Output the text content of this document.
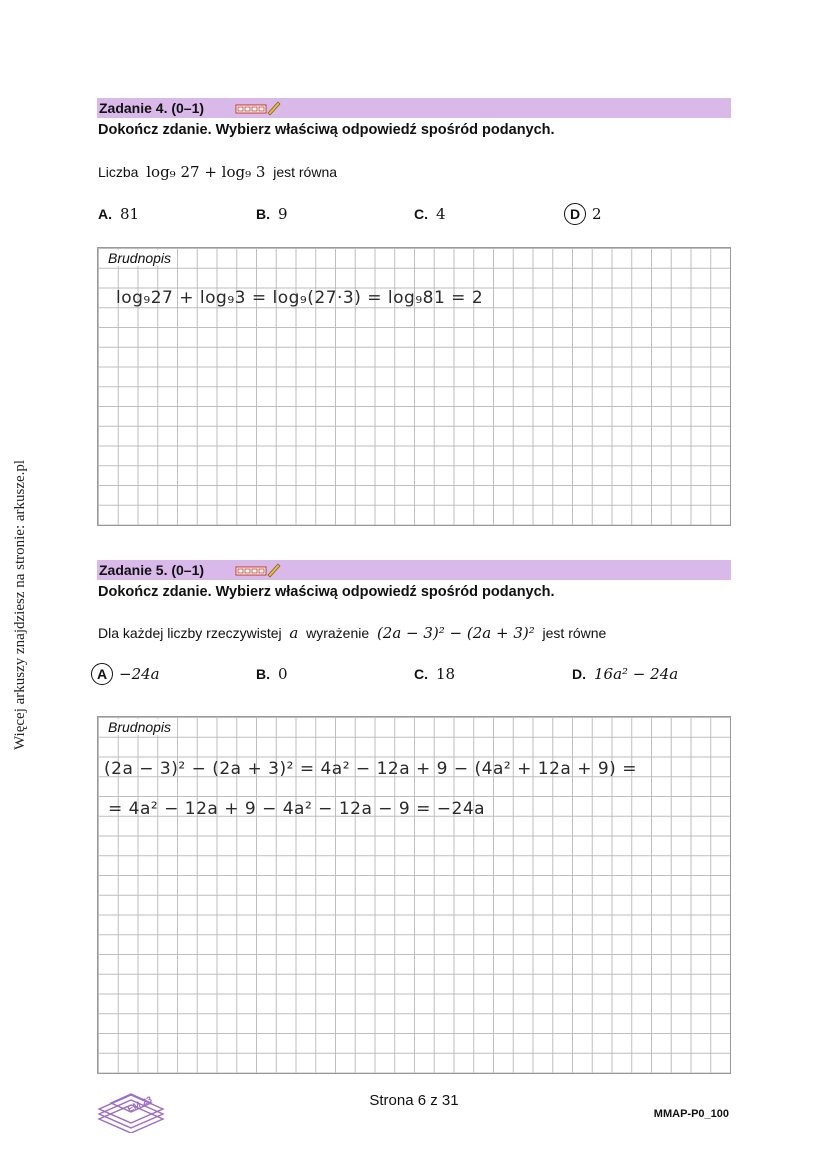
Więcej arkuszy znajdziesz na stronie: arkusze.pl
Zadanie 4. (0–1)
Dokończ zdanie. Wybierz właściwą odpowiedź spośród podanych.
Liczba log₉ 27 + log₉ 3 jest równa
A. 81	B. 9	C. 4	D 2
Brudnopis
log₉27 + log₉3 = log₉(27·3) = log₉81 = 2
Zadanie 5. (0–1)
Dokończ zdanie. Wybierz właściwą odpowiedź spośród podanych.
Dla każdej liczby rzeczywistej a wyrażenie (2a − 3)² − (2a + 3)² jest równe
A −24a	B. 0	C. 18	D. 16a² − 24a
Brudnopis
(2a − 3)² − (2a + 3)² = 4a² − 12a + 9 − (4a² + 12a + 9) =
= 4a² − 12a + 9 − 4a² − 12a − 9 = −24a
EM 23	Strona 6 z 31
MMAP-P0_100
